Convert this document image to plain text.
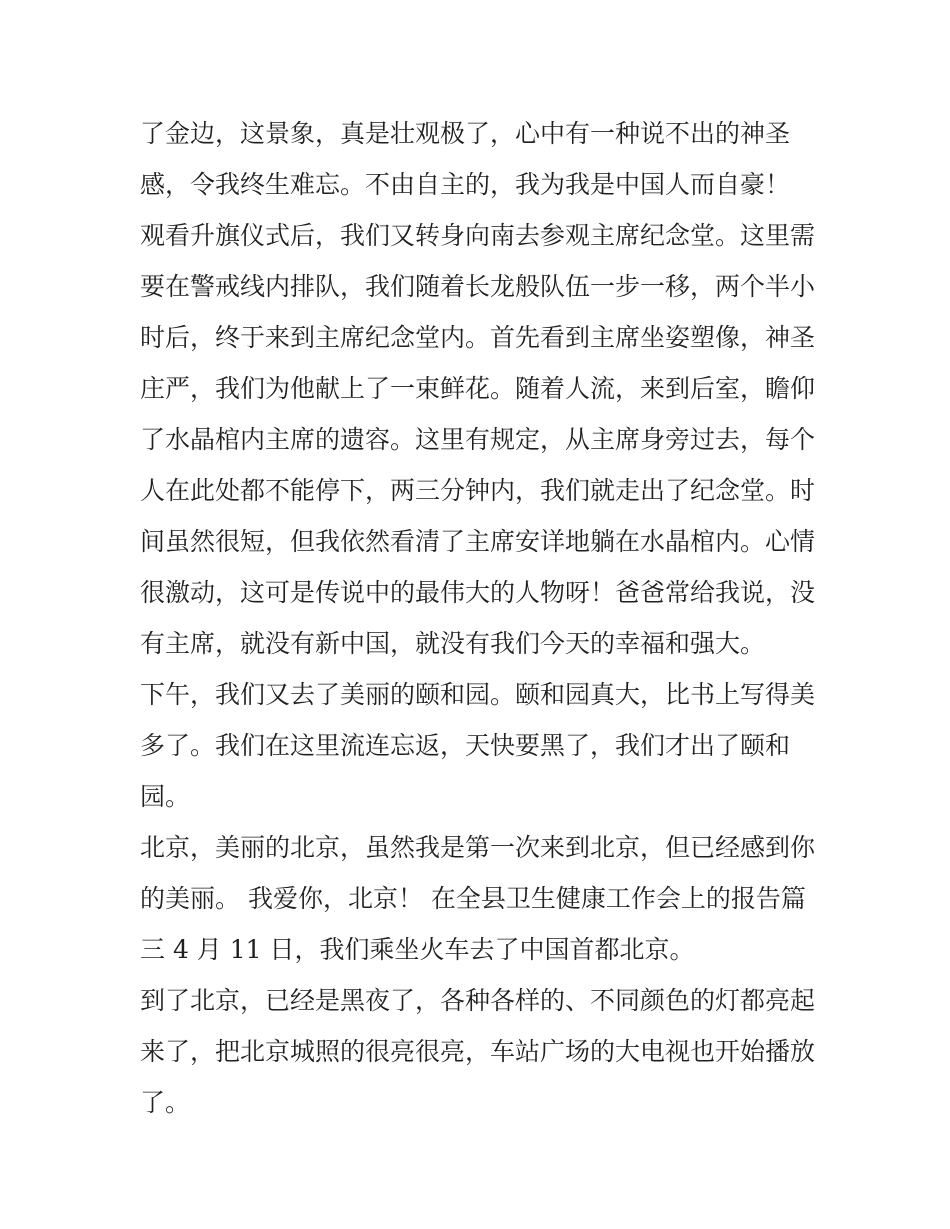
了金边，这景象，真是壮观极了，心中有一种说不出的神圣
感，令我终生难忘。不由自主的，我为我是中国人而自豪！
观看升旗仪式后，我们又转身向南去参观主席纪念堂。这里需
要在警戒线内排队，我们随着长龙般队伍一步一移，两个半小
时后，终于来到主席纪念堂内。首先看到主席坐姿塑像，神圣
庄严，我们为他献上了一束鲜花。随着人流，来到后室，瞻仰
了水晶棺内主席的遗容。这里有规定，从主席身旁过去，每个
人在此处都不能停下，两三分钟内，我们就走出了纪念堂。时
间虽然很短，但我依然看清了主席安详地躺在水晶棺内。心情
很激动，这可是传说中的最伟大的人物呀！爸爸常给我说，没
有主席，就没有新中国，就没有我们今天的幸福和强大。
下午，我们又去了美丽的颐和园。颐和园真大，比书上写得美
多了。我们在这里流连忘返，天快要黑了，我们才出了颐和
园。
北京，美丽的北京，虽然我是第一次来到北京，但已经感到你
的美丽。 我爱你，北京！ 在全县卫生健康工作会上的报告篇
三 4 月 11 日，我们乘坐火车去了中国首都北京。
到了北京，已经是黑夜了，各种各样的、不同颜色的灯都亮起
来了，把北京城照的很亮很亮，车站广场的大电视也开始播放
了。
